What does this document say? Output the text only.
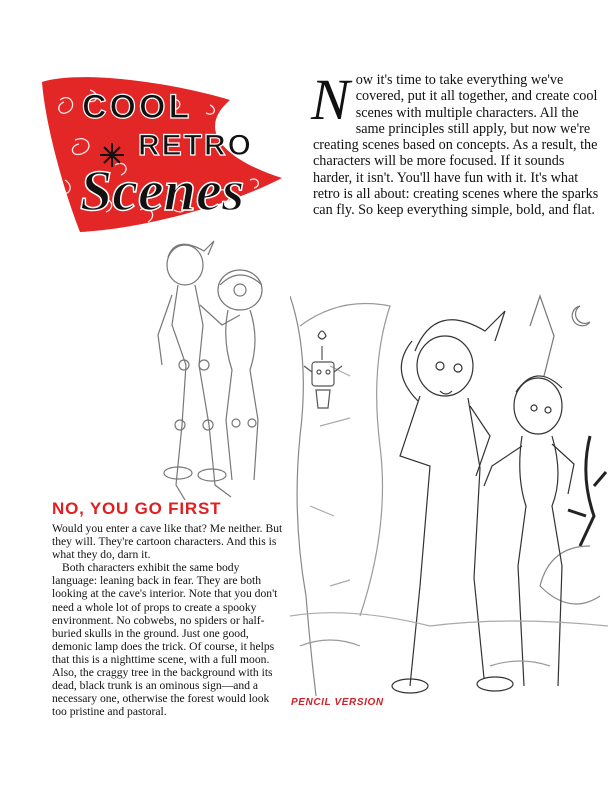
COOL
RETRO
Scenes

Now it's time to take everything we've covered, put it all together, and create cool scenes with multiple characters. All the same principles still apply, but now we're creating scenes based on concepts. As a result, the characters will be more focused. If it sounds harder, it isn't. You'll have fun with it. It's what retro is all about: creating scenes where the sparks can fly. So keep everything simple, bold, and flat.

NO, YOU GO FIRST

Would you enter a cave like that? Me neither. But they will. They're cartoon characters. And this is what they do, darn it.

Both characters exhibit the same body language: leaning back in fear. They are both looking at the cave's interior. Note that you don't need a whole lot of props to create a spooky environment. No cobwebs, no spiders or half-buried skulls in the ground. Just one good, demonic lamp does the trick. Of course, it helps that this is a nighttime scene, with a full moon. Also, the craggy tree in the background with its dead, black trunk is an ominous sign—and a necessary one, otherwise the forest would look too pristine and pastoral.

PENCIL VERSION
